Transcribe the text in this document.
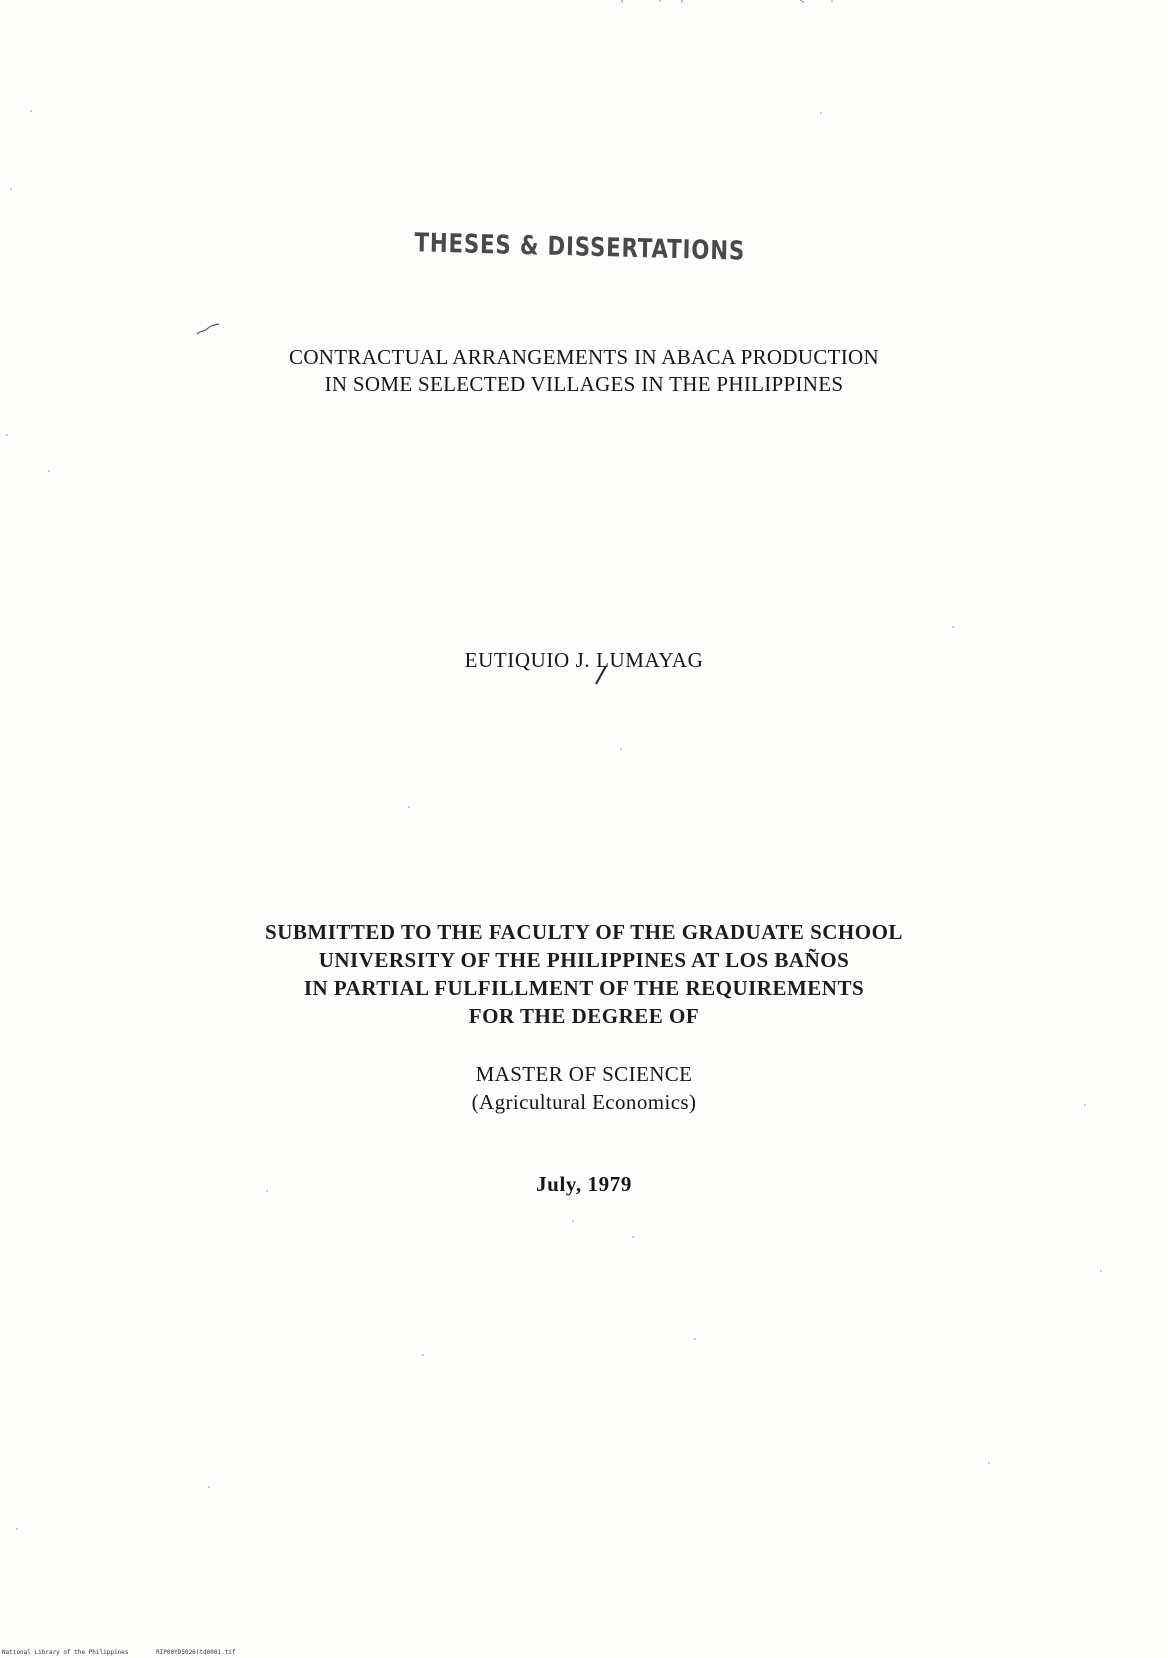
THESES & DISSERTATIONS
CONTRACTUAL ARRANGEMENTS IN ABACA PRODUCTION
IN SOME SELECTED VILLAGES IN THE PHILIPPINES
EUTIQUIO J. LUMAYAG
SUBMITTED TO THE FACULTY OF THE GRADUATE SCHOOL
UNIVERSITY OF THE PHILIPPINES AT LOS BAÑOS
IN PARTIAL FULFILLMENT OF THE REQUIREMENTS
FOR THE DEGREE OF
MASTER OF SCIENCE
(Agricultural Economics)
July, 1979
National Library of the Philippines	RIP00YD5026(td0001.tif
